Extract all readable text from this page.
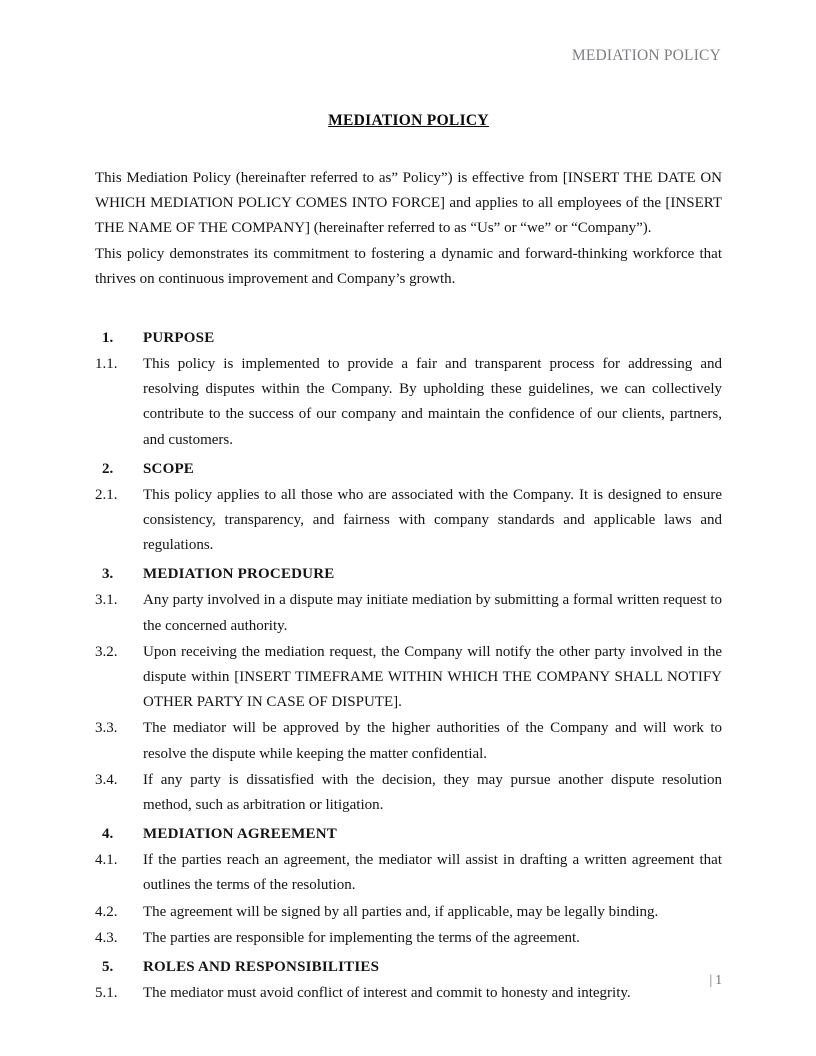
MEDIATION POLICY
MEDIATION POLICY

This Mediation Policy (hereinafter referred to as” Policy”) is effective from [INSERT THE DATE ON WHICH MEDIATION POLICY COMES INTO FORCE] and applies to all employees of the [INSERT THE NAME OF THE COMPANY] (hereinafter referred to as “Us” or “we” or “Company”).

This policy demonstrates its commitment to fostering a dynamic and forward-thinking workforce that thrives on continuous improvement and Company’s growth.

1.	PURPOSE
1.1.	This policy is implemented to provide a fair and transparent process for addressing and resolving disputes within the Company. By upholding these guidelines, we can collectively contribute to the success of our company and maintain the confidence of our clients, partners, and customers.
2.	SCOPE
2.1.	This policy applies to all those who are associated with the Company. It is designed to ensure consistency, transparency, and fairness with company standards and applicable laws and regulations.
3.	MEDIATION PROCEDURE
3.1.	Any party involved in a dispute may initiate mediation by submitting a formal written request to the concerned authority.
3.2.	Upon receiving the mediation request, the Company will notify the other party involved in the dispute within [INSERT TIMEFRAME WITHIN WHICH THE COMPANY SHALL NOTIFY OTHER PARTY IN CASE OF DISPUTE].
3.3.	The mediator will be approved by the higher authorities of the Company and will work to resolve the dispute while keeping the matter confidential.
3.4.	If any party is dissatisfied with the decision, they may pursue another dispute resolution method, such as arbitration or litigation.
4.	MEDIATION AGREEMENT
4.1.	If the parties reach an agreement, the mediator will assist in drafting a written agreement that outlines the terms of the resolution.
4.2.	The agreement will be signed by all parties and, if applicable, may be legally binding.
4.3.	The parties are responsible for implementing the terms of the agreement.
5.	ROLES AND RESPONSIBILITIES
5.1.	The mediator must avoid conflict of interest and commit to honesty and integrity.
| 1
